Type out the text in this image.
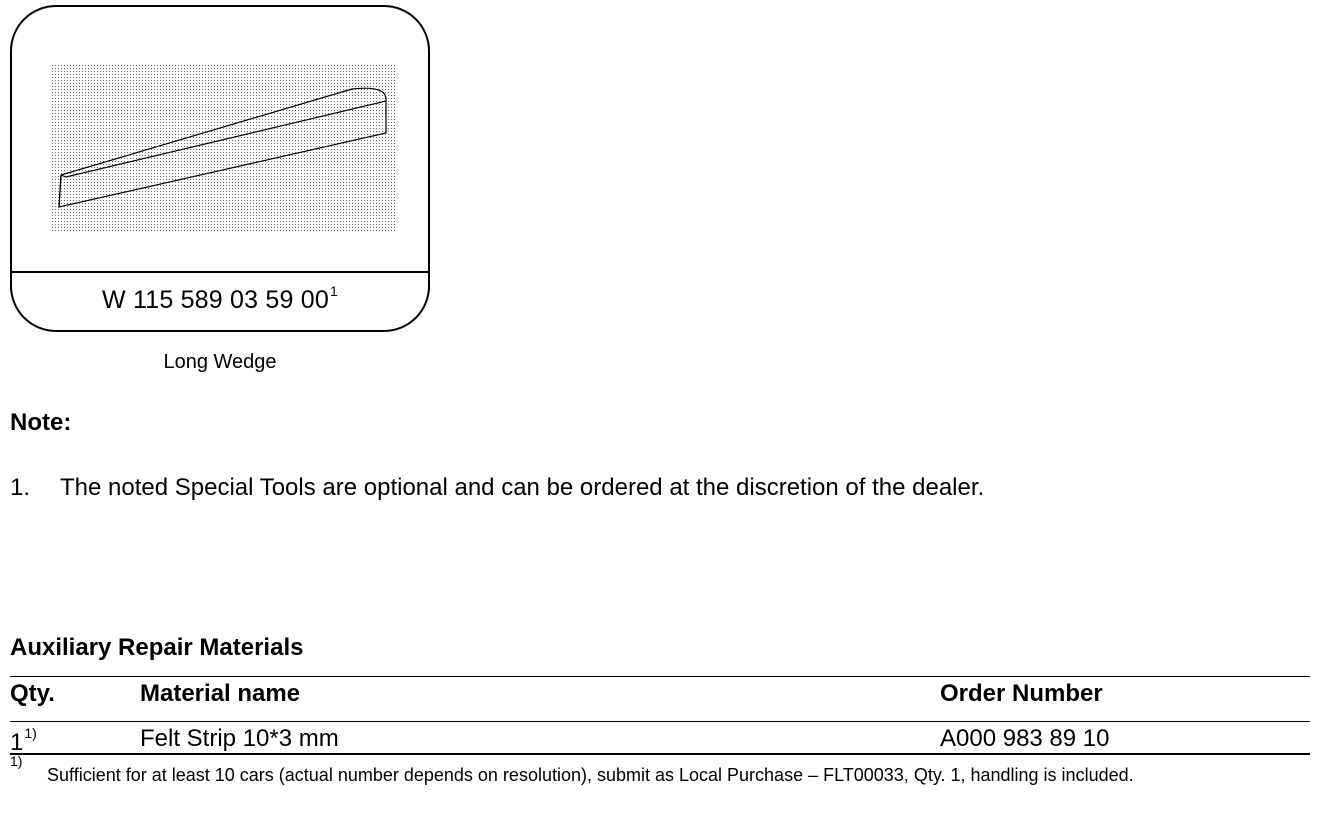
W 115 589 03 59 $00^1$
Long Wedge
Note:
1. The noted Special Tools are optional and can be ordered at the discretion of the dealer.
Auxiliary Repair Materials
Qty.	Material name	Order Number
1$^{1)}$	Felt Strip 10*3 mm	A000 983 89 10
1)
Sufficient for at least 10 cars (actual number depends on resolution), submit as Local Purchase – FLT00033, Qty. 1, handling is included.
